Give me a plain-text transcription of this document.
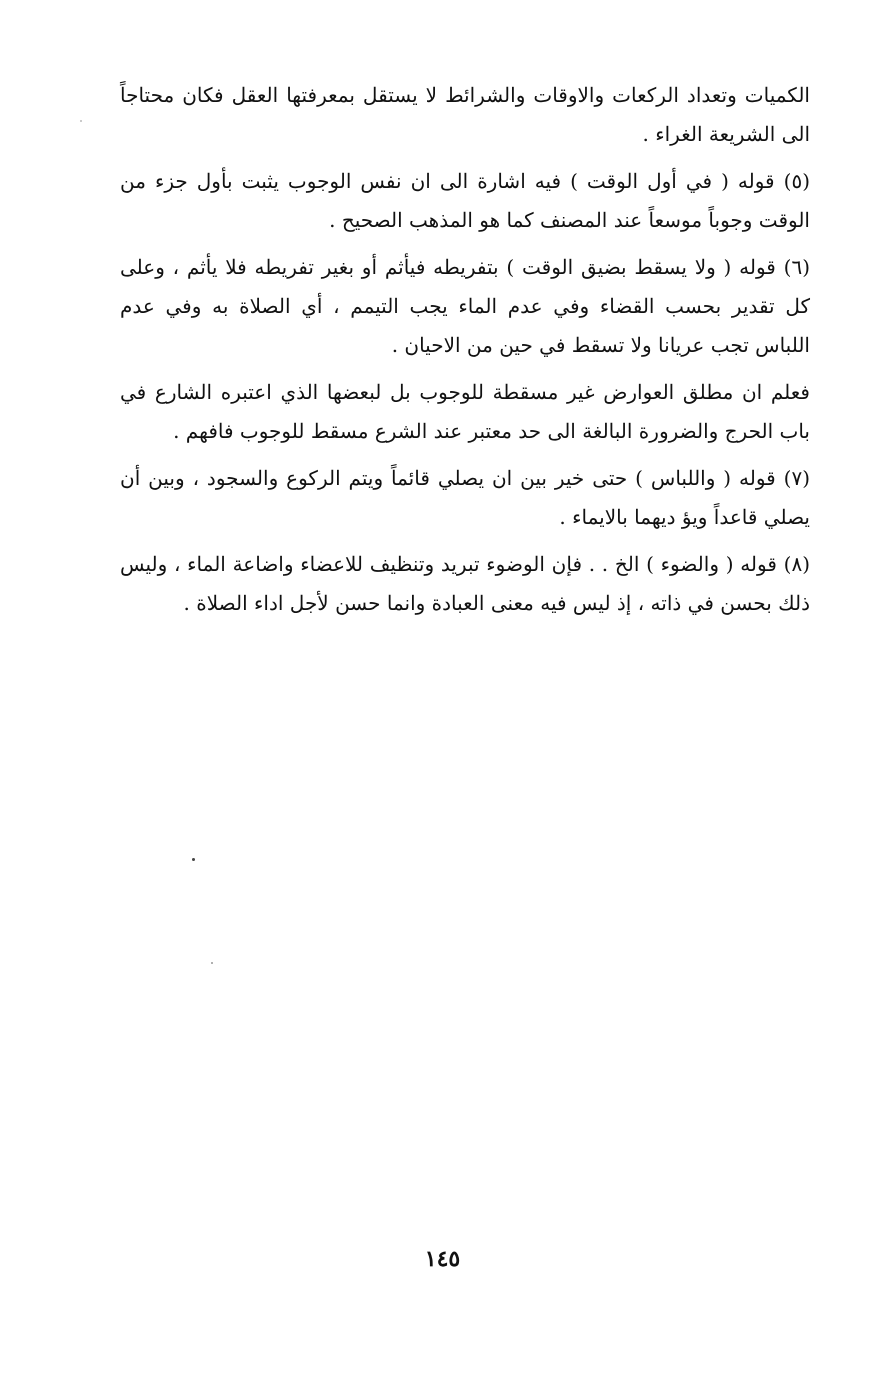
الكميات وتعداد الركعات والاوقات والشرائط لا يستقل بمعرفتها العقل فكان محتاجاً الى الشريعة الغراء .

(٥) قوله ( في أول الوقت ) فيه اشارة الى ان نفس الوجوب يثبت بأول جزء من الوقت وجوباً موسعاً عند المصنف كما هو المذهب الصحيح .

(٦) قوله ( ولا يسقط بضيق الوقت ) بتفريطه فيأثم أو بغير تفريطه فلا يأثم ، وعلى كل تقدير بحسب القضاء وفي عدم الماء يجب التيمم ، أي الصلاة به وفي عدم اللباس تجب عريانا ولا تسقط في حين من الاحيان .

فعلم ان مطلق العوارض غير مسقطة للوجوب بل لبعضها الذي اعتبره الشارع في باب الحرج والضرورة البالغة الى حد معتبر عند الشرع مسقط للوجوب فافهم .

(٧) قوله ( واللباس ) حتى خير بين ان يصلي قائماً ويتم الركوع والسجود ، وبين أن يصلي قاعداً ويؤ ديهما بالايماء .

(٨) قوله ( والضوء ) الخ . . فإن الوضوء تبريد وتنظيف للاعضاء واضاعة الماء ، وليس ذلك بحسن في ذاته ، إذ ليس فيه معنى العبادة وانما حسن لأجل اداء الصلاة .

١٤٥
